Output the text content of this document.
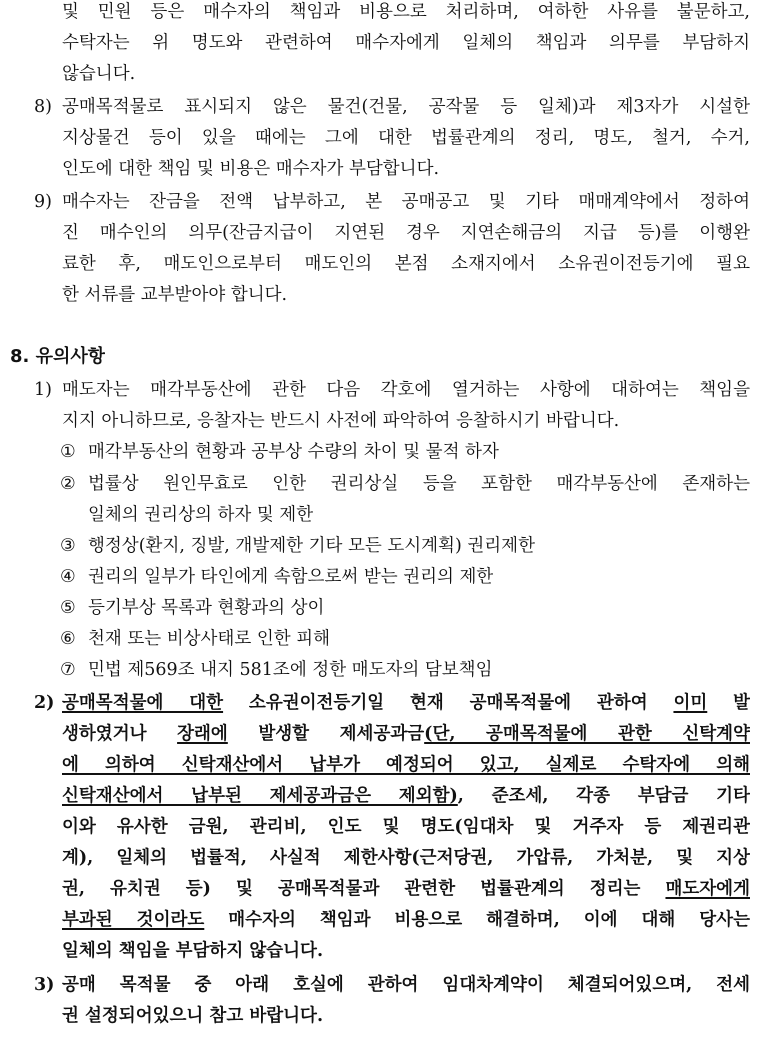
및 민원 등은 매수자의 책임과 비용으로 처리하며, 여하한 사유를 불문하고,
수탁자는 위 명도와 관련하여 매수자에게 일체의 책임과 의무를 부담하지
않습니다.
8) 공매목적물로 표시되지 않은 물건(건물, 공작물 등 일체)과 제3자가 시설한
지상물건 등이 있을 때에는 그에 대한 법률관계의 정리, 명도, 철거, 수거,
인도에 대한 책임 및 비용은 매수자가 부담합니다.
9) 매수자는 잔금을 전액 납부하고, 본 공매공고 및 기타 매매계약에서 정하여
진 매수인의 의무(잔금지급이 지연된 경우 지연손해금의 지급 등)를 이행완
료한 후, 매도인으로부터 매도인의 본점 소재지에서 소유권이전등기에 필요
한 서류를 교부받아야 합니다.
8. 유의사항
1) 매도자는 매각부동산에 관한 다음 각호에 열거하는 사항에 대하여는 책임을
지지 아니하므로, 응찰자는 반드시 사전에 파악하여 응찰하시기 바랍니다.
① 매각부동산의 현황과 공부상 수량의 차이 및 물적 하자
② 법률상 원인무효로 인한 권리상실 등을 포함한 매각부동산에 존재하는
일체의 권리상의 하자 및 제한
③ 행정상(환지, 징발, 개발제한 기타 모든 도시계획) 권리제한
④ 권리의 일부가 타인에게 속함으로써 받는 권리의 제한
⑤ 등기부상 목록과 현황과의 상이
⑥ 천재 또는 비상사태로 인한 피해
⑦ 민법 제569조 내지 581조에 정한 매도자의 담보책임
2) 공매목적물에 대한 소유권이전등기일 현재 공매목적물에 관하여 이미 발
생하였거나 장래에 발생할 제세공과금(단, 공매목적물에 관한 신탁계약
에 의하여 신탁재산에서 납부가 예정되어 있고, 실제로 수탁자에 의해
신탁재산에서 납부된 제세공과금은 제외함), 준조세, 각종 부담금 기타
이와 유사한 금원, 관리비, 인도 및 명도(임대차 및 거주자 등 제권리관
계), 일체의 법률적, 사실적 제한사항(근저당권, 가압류, 가처분, 및 지상
권, 유치권 등) 및 공매목적물과 관련한 법률관계의 정리는 매도자에게
부과된 것이라도 매수자의 책임과 비용으로 해결하며, 이에 대해 당사는
일체의 책임을 부담하지 않습니다.
3) 공매 목적물 중 아래 호실에 관하여 임대차계약이 체결되어있으며, 전세
권 설정되어있으니 참고 바랍니다.
